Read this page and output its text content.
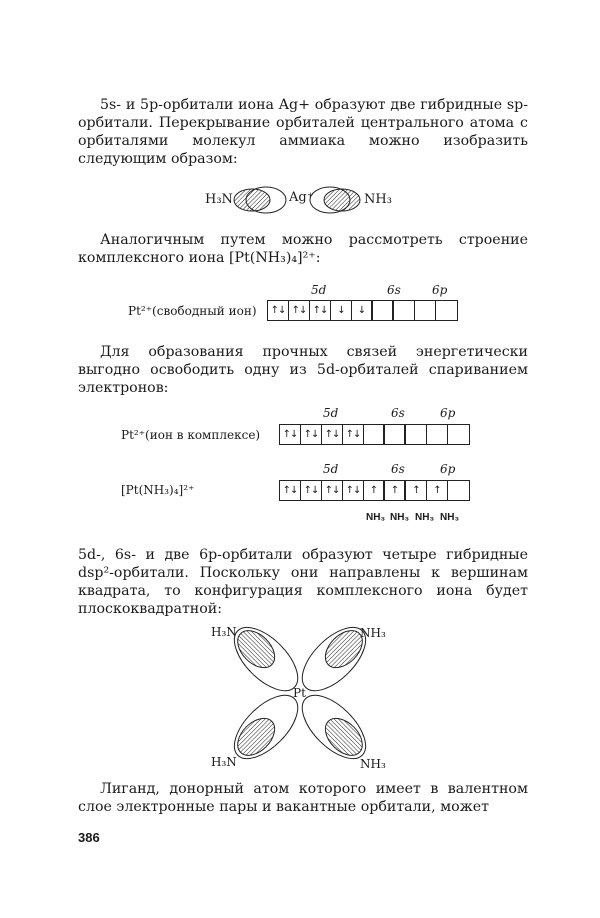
5s- и 5p-орбитали иона Ag+ образуют две гибридные sp-орбитали. Перекрывание орбиталей центрального атома с орбиталями молекул аммиака можно изобразить следующим образом:

H₃N	Ag⁺	NH₃

Аналогичным путем можно рассмотреть строение комплексного иона [Pt(NH₃)₄]²⁺:

Pt²⁺(свободный ион)
5d	6s	6p
↑↓ ↑↓ ↑↓ ↓	↓

Для образования прочных связей энергетически выгодно освободить одну из 5d-орбиталей спариванием электронов:

Pt²⁺(ион в комплексе)
5d	6s	6p
↑↓ ↑↓ ↑↓ ↑↓
[Pt(NH₃)₄]²⁺
5d	6s	6p
↑↓ ↑↓ ↑↓ ↑↓ ↑	↑	↑	↑
NH₃ NH₃ NH₃ NH₃

5d-, 6s- и две 6p-орбитали образуют четыре гибридные dsp²-орбитали. Поскольку они направлены к вершинам квадрата, то конфигурация комплексного иона будет плоскоквадратной:

Pt
H₃N	NH₃
H₃N	NH₃

Лиганд, донорный атом которого имеет в валентном слое электронные пары и вакантные орбитали, может

386
